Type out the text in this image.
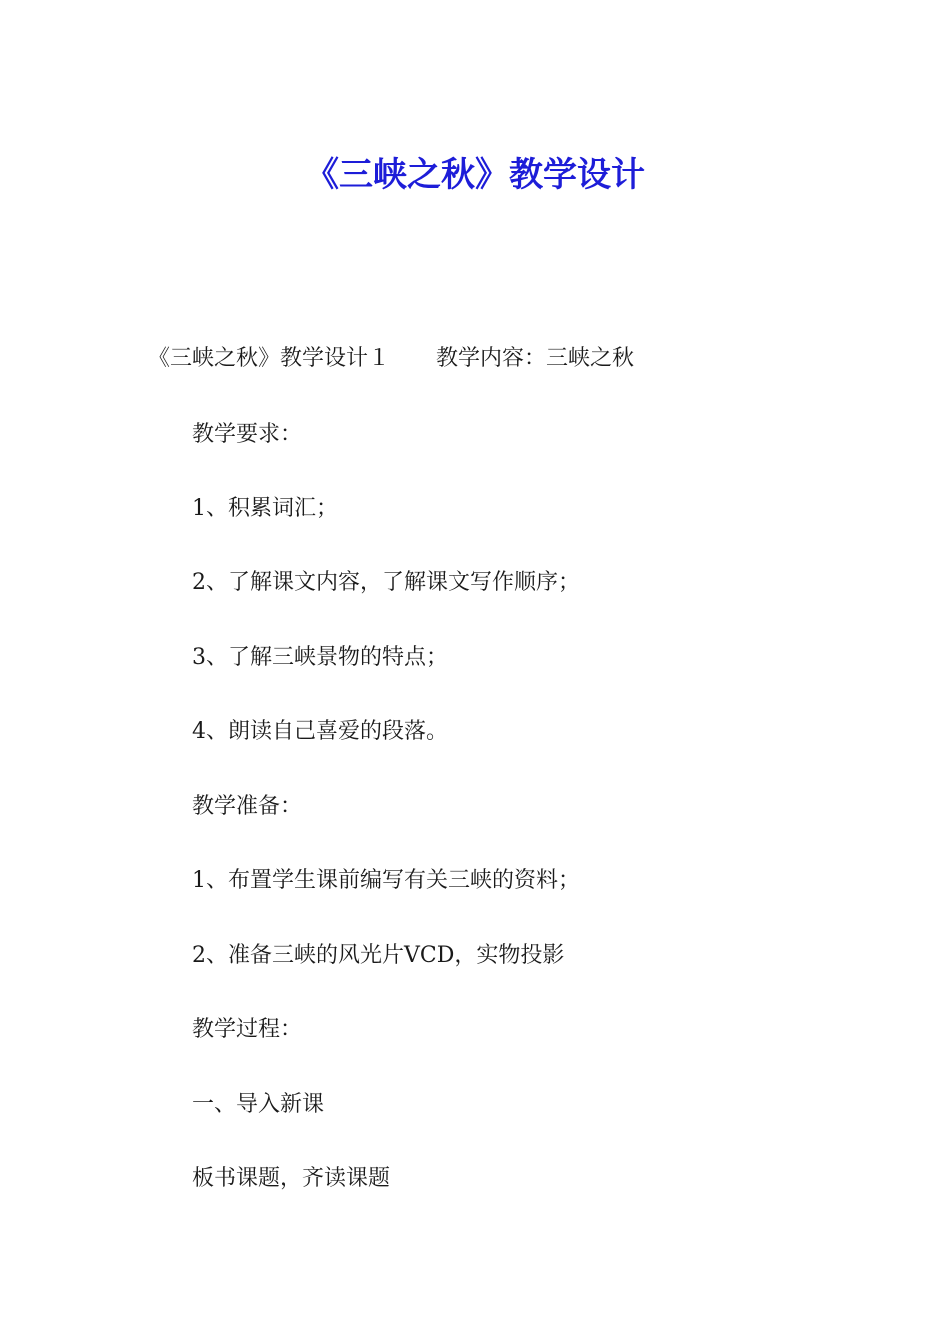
《三峡之秋》教学设计
《三峡之秋》教学设计１ 教学内容：三峡之秋
教学要求：
1、积累词汇；
2、了解课文内容，了解课文写作顺序；
3、了解三峡景物的特点；
4、朗读自己喜爱的段落。
教学准备：
1、布置学生课前编写有关三峡的资料；
2、准备三峡的风光片VCD，实物投影
教学过程：
一、导入新课
板书课题，齐读课题
